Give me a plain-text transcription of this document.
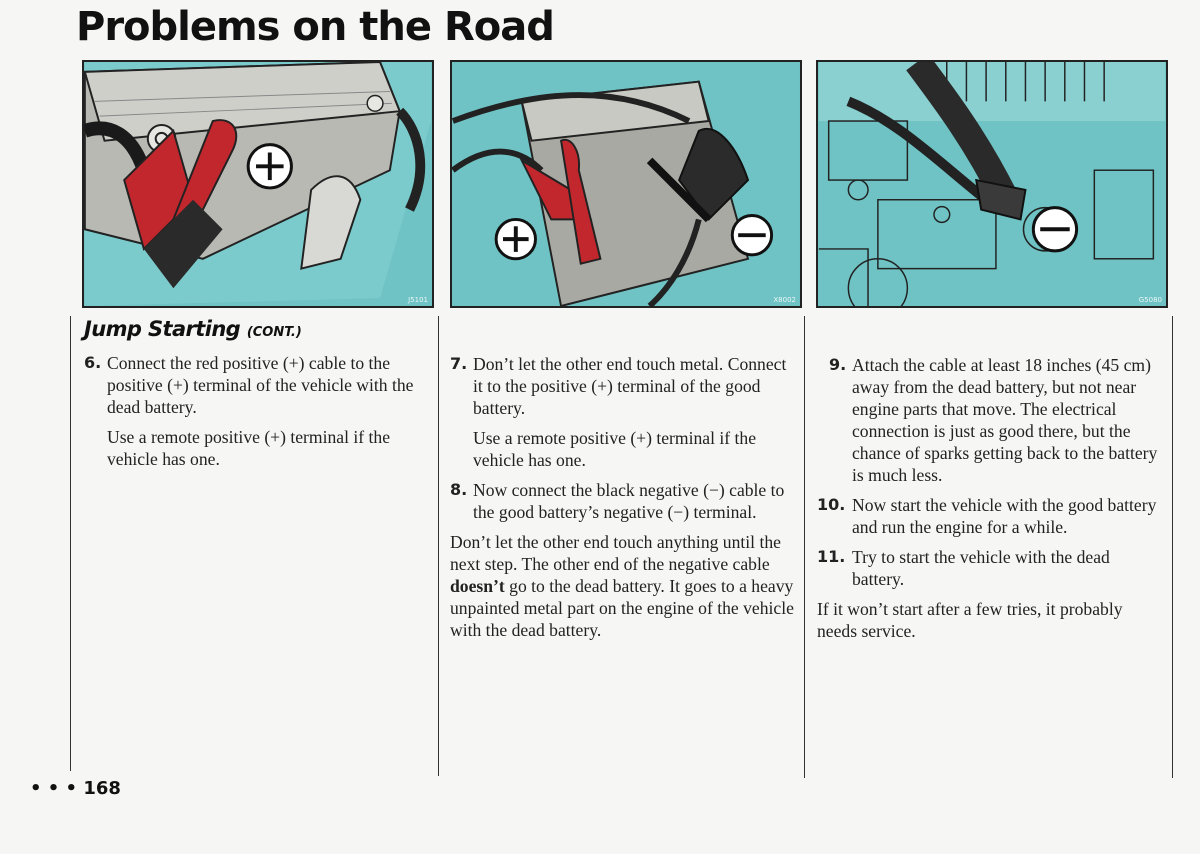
Problems on the Road
J5101	X8002	G5080
Jump Starting (CONT.)
6. Connect the red positive (+) cable to the positive (+) terminal of the vehicle with the dead battery.
Use a remote positive (+) terminal if the vehicle has one.
7. Don’t let the other end touch metal. Connect it to the positive (+) terminal of the good battery.
Use a remote positive (+) terminal if the vehicle has one.
8. Now connect the black negative (−) cable to the good battery’s negative (−) terminal.

Don’t let the other end touch anything until the next step. The other end of the negative cable doesn’t go to the dead battery. It goes to a heavy unpainted metal part on the engine of the vehicle with the dead battery.

9. Attach the cable at least 18 inches (45 cm) away from the dead battery, but not near engine parts that move. The electrical connection is just as good there, but the chance of sparks getting back to the battery is much less.
10. Now start the vehicle with the good battery and run the engine for a while.
11. Try to start the vehicle with the dead battery.

If it won’t start after a few tries, it probably needs service.

• • • 168
